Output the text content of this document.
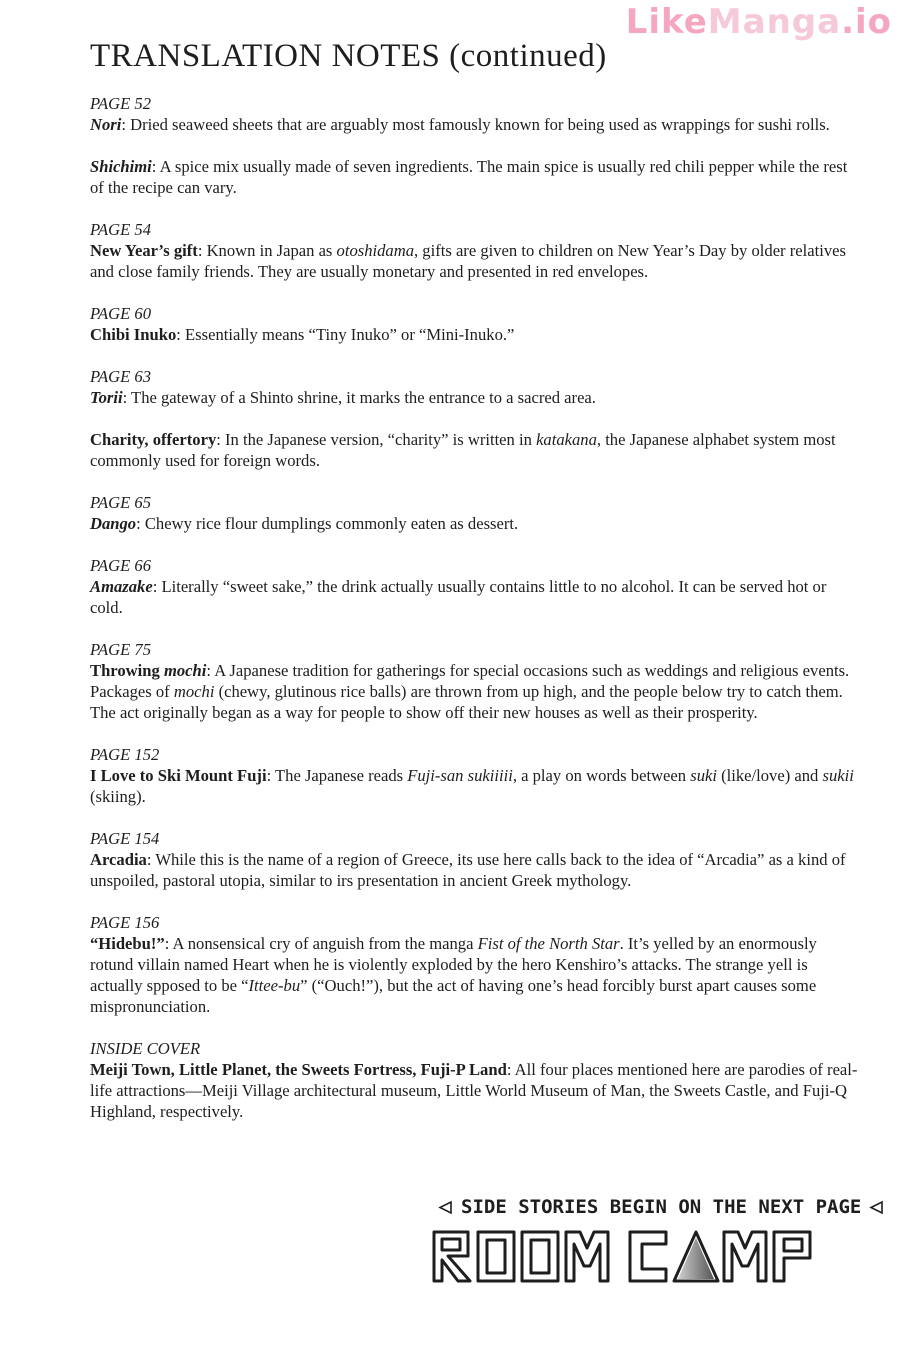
LikeManga.io
TRANSLATION NOTES (continued)
PAGE 52

Nori: Dried seaweed sheets that are arguably most famously known for being used as wrappings for sushi rolls.

Shichimi: A spice mix usually made of seven ingredients. The main spice is usually red chili pepper while the rest of the recipe can vary.

PAGE 54

New Year’s gift: Known in Japan as otoshidama, gifts are given to children on New Year’s Day by older relatives and close family friends. They are usually monetary and presented in red envelopes.

PAGE 60

Chibi Inuko: Essentially means “Tiny Inuko” or “Mini-Inuko.”

PAGE 63

Torii: The gateway of a Shinto shrine, it marks the entrance to a sacred area.

Charity, offertory: In the Japanese version, “charity” is written in katakana, the Japanese alphabet system most commonly used for foreign words.

PAGE 65

Dango: Chewy rice flour dumplings commonly eaten as dessert.

PAGE 66

Amazake: Literally “sweet sake,” the drink actually usually contains little to no alcohol. It can be served hot or cold.

PAGE 75

Throwing mochi: A Japanese tradition for gatherings for special occasions such as weddings and religious events. Packages of mochi (chewy, glutinous rice balls) are thrown from up high, and the people below try to catch them. The act originally began as a way for people to show off their new houses as well as their prosperity.

PAGE 152

I Love to Ski Mount Fuji: The Japanese reads Fuji-san sukiiiii, a play on words between suki (like/love) and sukii (skiing).

PAGE 154

Arcadia: While this is the name of a region of Greece, its use here calls back to the idea of “Arcadia” as a kind of unspoiled, pastoral utopia, similar to irs presentation in ancient Greek mythology.

PAGE 156

“Hidebu!”: A nonsensical cry of anguish from the manga Fist of the North Star. It’s yelled by an enormously rotund villain named Heart when he is violently exploded by the hero Kenshiro’s attacks. The strange yell is actually spposed to be “Ittee-bu” (“Ouch!”), but the act of having one’s head forcibly burst apart causes some mispronunciation.

INSIDE COVER

Meiji Town, Little Planet, the Sweets Fortress, Fuji-P Land: All four places mentioned here are parodies of real-life attractions—Meiji Village architectural museum, Little World Museum of Man, the Sweets Castle, and Fuji-Q Highland, respectively.

SIDE STORIES BEGIN ON THE NEXT PAGE
